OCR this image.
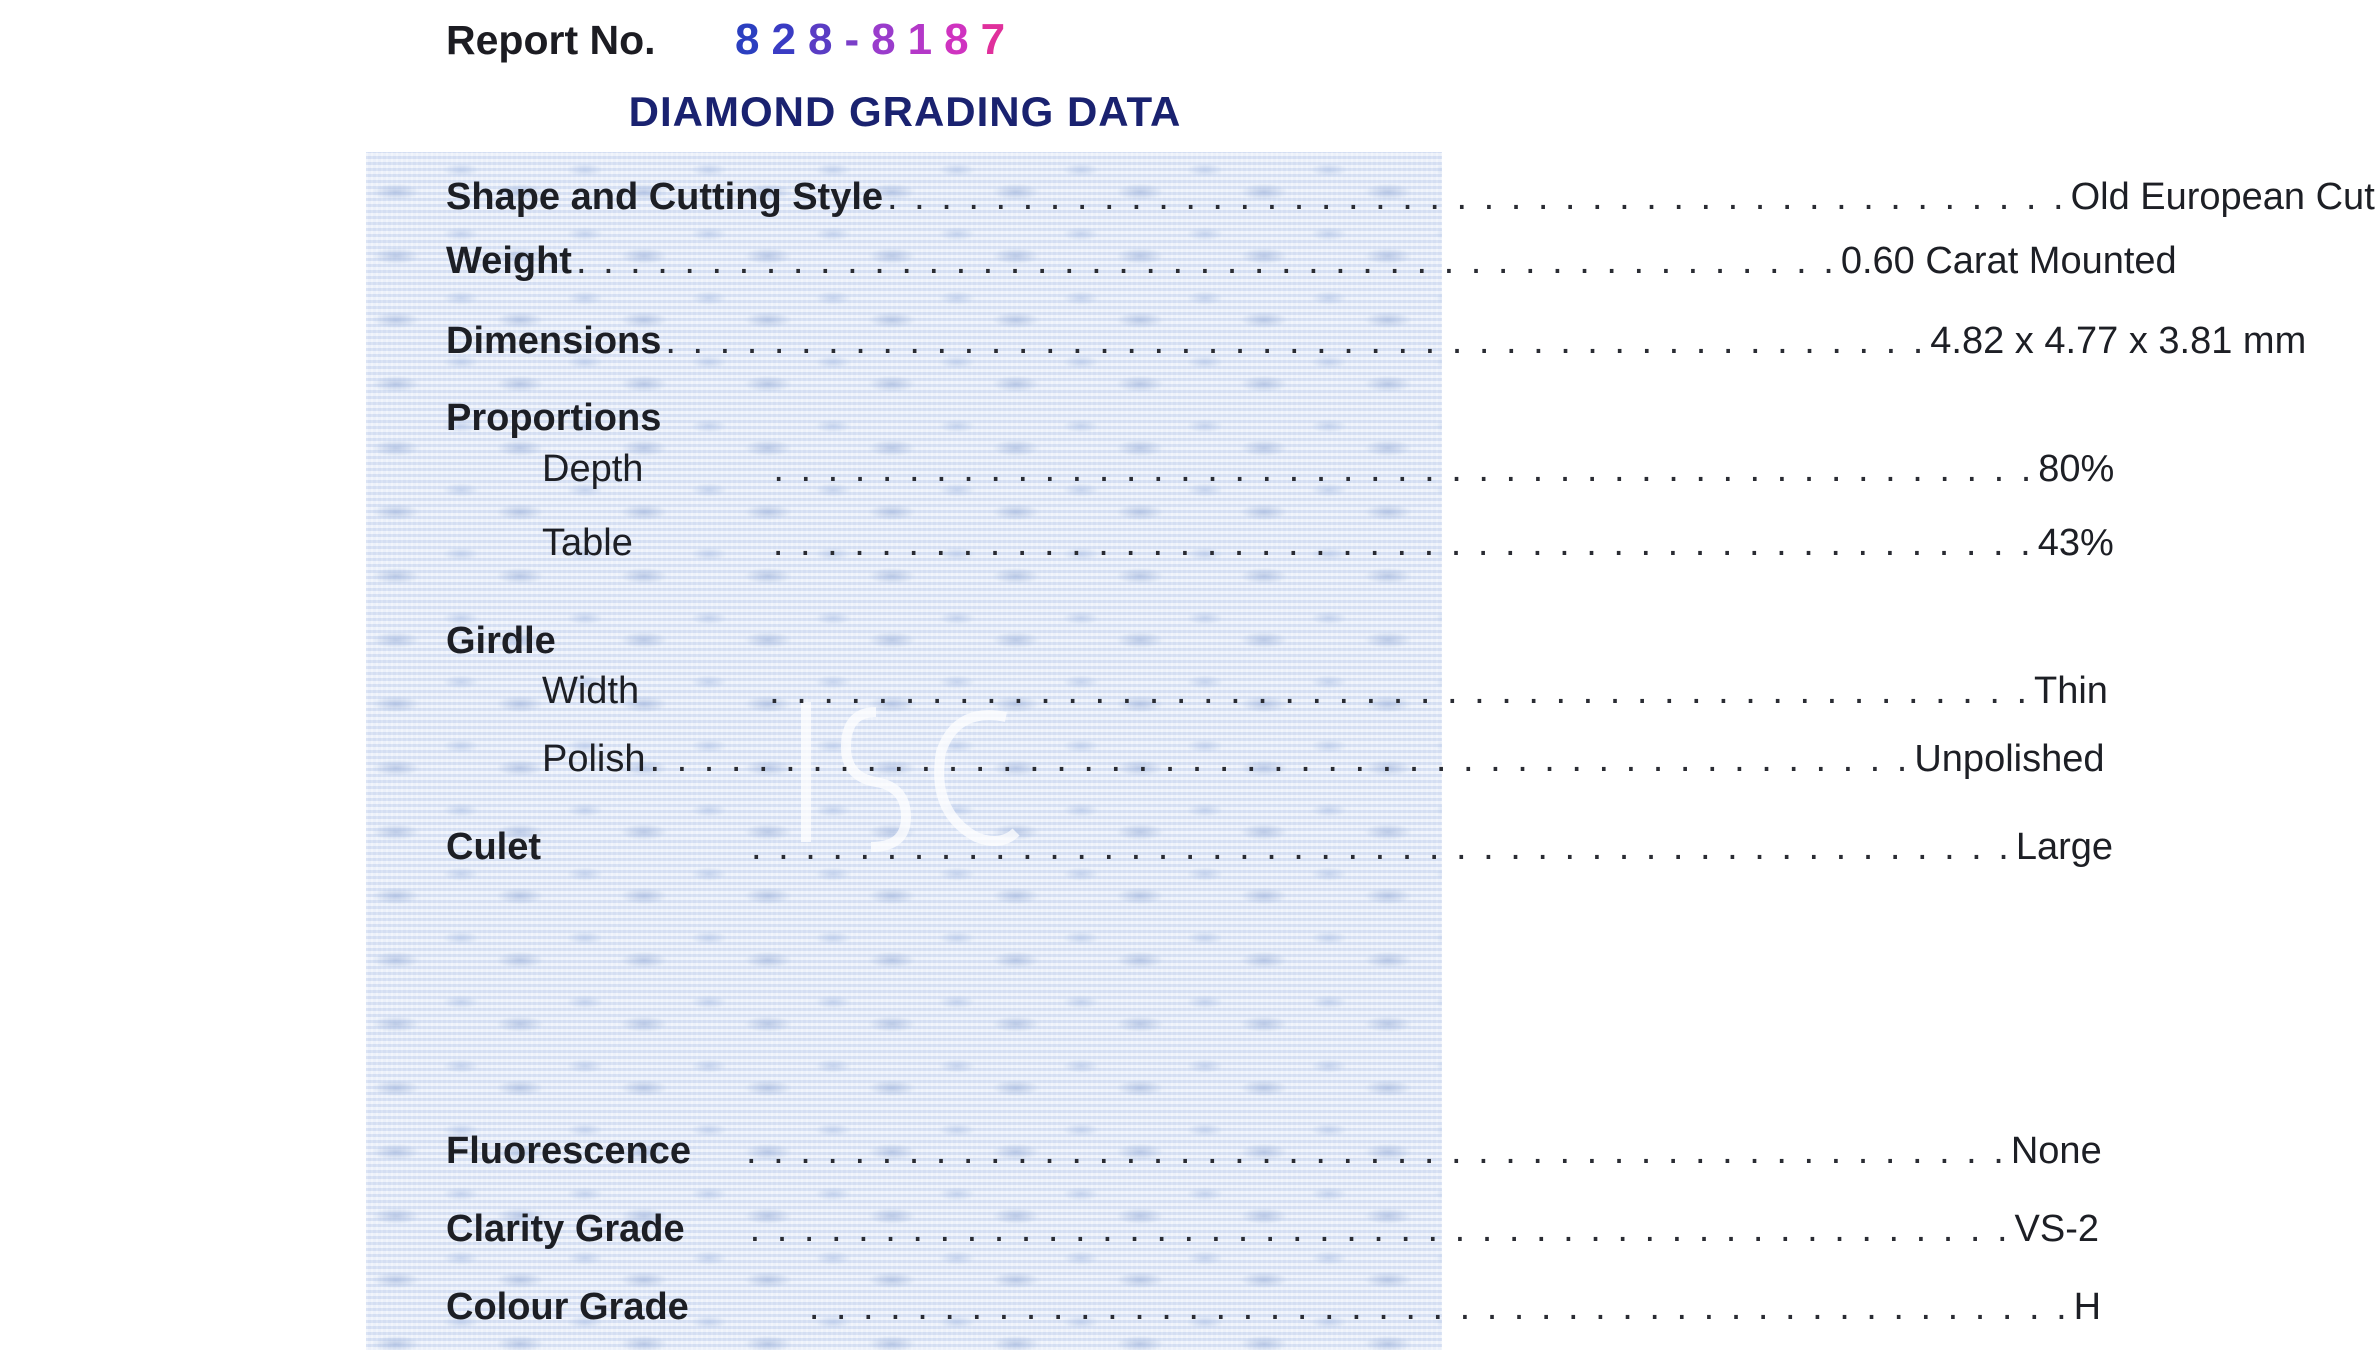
Report No. 8 2 8 - 8 1 8 7
DIAMOND GRADING DATA
Shape and Cutting Style . . . . . . . . . . . . . . . . . . . . . . . . . . . . . . . . . . . . . . . . . . . . Old European Cut
Weight . . . . . . . . . . . . . . . . . . . . . . . . . . . . . . . . . . . . . . . . . . . . . . . 0.60 Carat Mounted
Dimensions . . . . . . . . . . . . . . . . . . . . . . . . . . . . . . . . . . . . . . . . . . . . . . . 4.82 x 4.77 x 3.81 mm
Proportions
Depth	. . . . . . . . . . . . . . . . . . . . . . . . . . . . . . . . . . . . . . . . . . . . . . . 80%
Table	. . . . . . . . . . . . . . . . . . . . . . . . . . . . . . . . . . . . . . . . . . . . . . . 43%
Girdle
Width	. . . . . . . . . . . . . . . . . . . . . . . . . . . . . . . . . . . . . . . . . . . . . . . Thin
Polish . . . . . . . . . . . . . . . . . . . . . . . . . . . . . . . . . . . . . . . . . . . . . . . Unpolished
Culet	. . . . . . . . . . . . . . . . . . . . . . . . . . . . . . . . . . . . . . . . . . . . . . . Large
Fluorescence . . . . . . . . . . . . . . . . . . . . . . . . . . . . . . . . . . . . . . . . . . . . . . . None
Clarity Grade . . . . . . . . . . . . . . . . . . . . . . . . . . . . . . . . . . . . . . . . . . . . . . . VS-2
Colour Grade	. . . . . . . . . . . . . . . . . . . . . . . . . . . . . . . . . . . . . . . . . . . . . . . H
